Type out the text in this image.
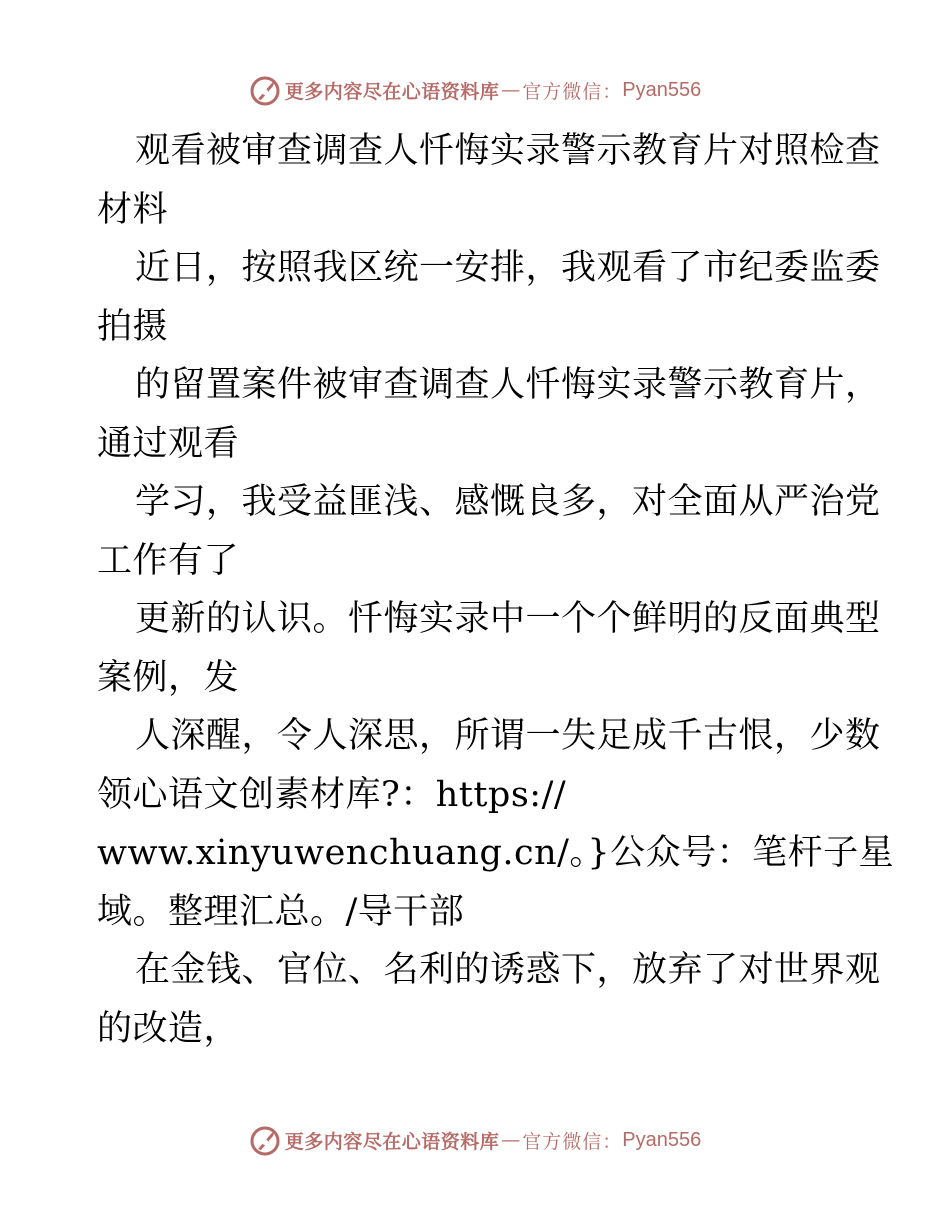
更多内容尽在心语资料库 — 官方微信： Pyan556
观看被审查调查人忏悔实录警示教育片对照检查
材料
近日，按照我区统一安排，我观看了市纪委监委
拍摄
的留置案件被审查调查人忏悔实录警示教育片，
通过观看
学习，我受益匪浅、感慨良多，对全面从严治党
工作有了
更新的认识。忏悔实录中一个个鲜明的反面典型
案例，发
人深醒，令人深思，所谓一失足成千古恨，少数
领心语文创素材库?：https://
www.xinyuwenchuang.cn/。}公众号：笔杆子星
域。整理汇总。/导干部
在金钱、官位、名利的诱惑下，放弃了对世界观
的改造，
更多内容尽在心语资料库 — 官方微信： Pyan556
